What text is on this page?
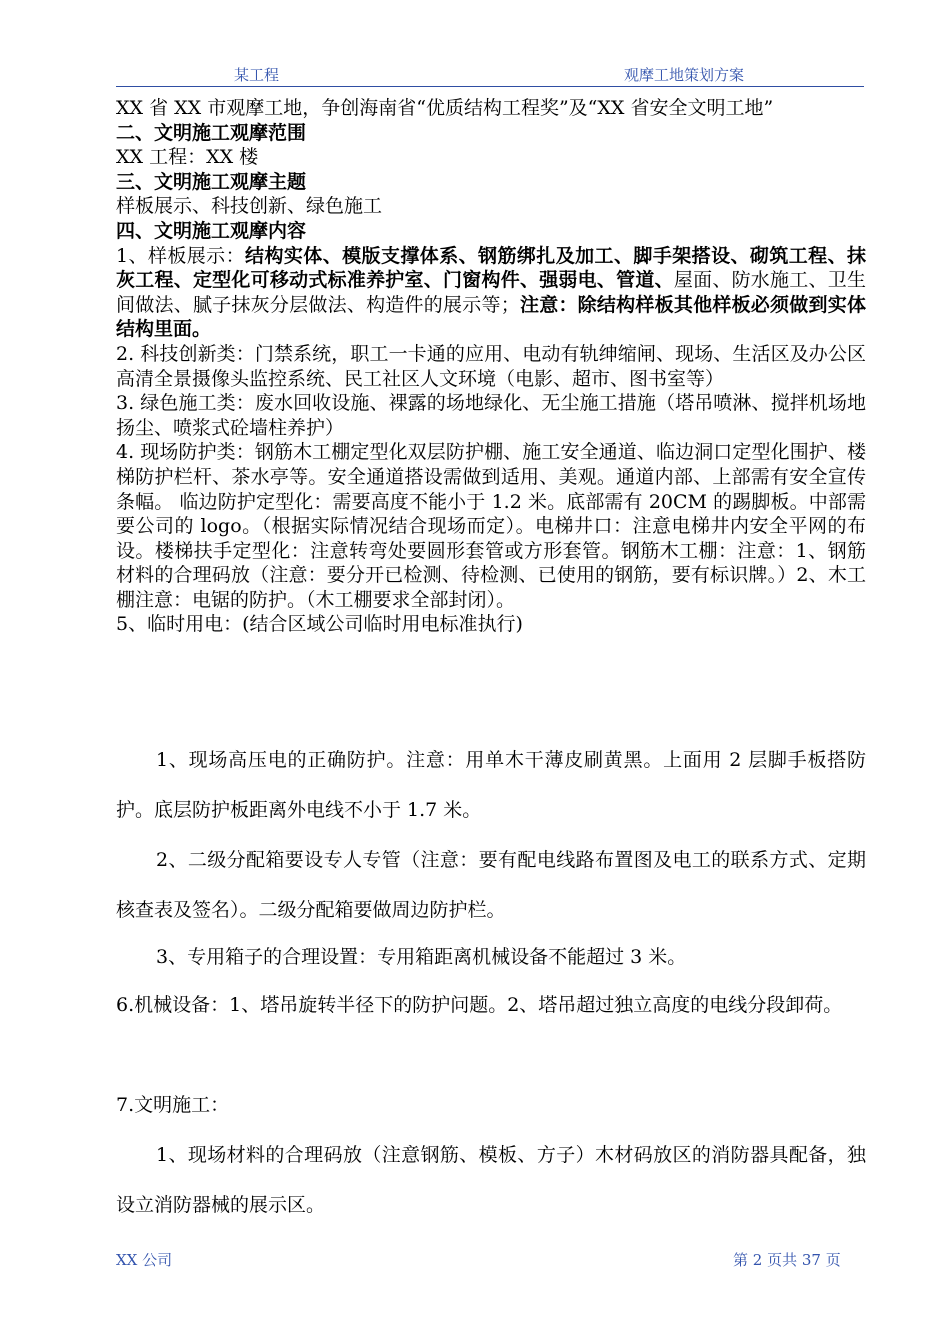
某工程	观摩工地策划方案

XX 省 XX 市观摩工地，争创海南省“优质结构工程奖”及“XX 省安全文明工地”

二、文明施工观摩范围

XX 工程：XX 楼

三、文明施工观摩主题

样板展示、科技创新、绿色施工

四、文明施工观摩内容

1、样板展示：结构实体、模版支撑体系、钢筋绑扎及加工、脚手架搭设、砌筑工程、抹灰工程、定型化可移动式标准养护室、门窗构件、强弱电、管道、屋面、防水施工、卫生间做法、腻子抹灰分层做法、构造件的展示等；注意：除结构样板其他样板必须做到实体结构里面。

2. 科技创新类：门禁系统，职工一卡通的应用、电动有轨绅缩闸、现场、生活区及办公区高清全景摄像头监控系统、民工社区人文环境（电影、超市、图书室等）

3. 绿色施工类：废水回收设施、裸露的场地绿化、无尘施工措施（塔吊喷淋、搅拌机场地扬尘、喷浆式砼墙柱养护）

4. 现场防护类：钢筋木工棚定型化双层防护棚、施工安全通道、临边洞口定型化围护、楼梯防护栏杆、茶水亭等。安全通道搭设需做到适用、美观。通道内部、上部需有安全宣传条幅。 临边防护定型化：需要高度不能小于 1.2 米。底部需有 20CM 的踢脚板。中部需要公司的 logo。（根据实际情况结合现场而定）。电梯井口：注意电梯井内安全平网的布设。楼梯扶手定型化：注意转弯处要圆形套管或方形套管。钢筋木工棚：注意：1、钢筋材料的合理码放（注意：要分开已检测、待检测、已使用的钢筋，要有标识牌。）2、木工棚注意：电锯的防护。（木工棚要求全部封闭）。

5、临时用电：(结合区域公司临时用电标准执行)

1、现场高压电的正确防护。注意：用单木干薄皮刷黄黑。上面用 2 层脚手板搭防护。底层防护板距离外电线不小于 1.7 米。
2、二级分配箱要设专人专管（注意：要有配电线路布置图及电工的联系方式、定期核查表及签名）。二级分配箱要做周边防护栏。
3、专用箱子的合理设置：专用箱距离机械设备不能超过 3 米。
6.机械设备：1、塔吊旋转半径下的防护问题。2、塔吊超过独立高度的电线分段卸荷。
7.文明施工：
1、现场材料的合理码放（注意钢筋、模板、方子）木材码放区的消防器具配备，独设立消防器械的展示区。
XX 公司	第 2 页共 37 页
